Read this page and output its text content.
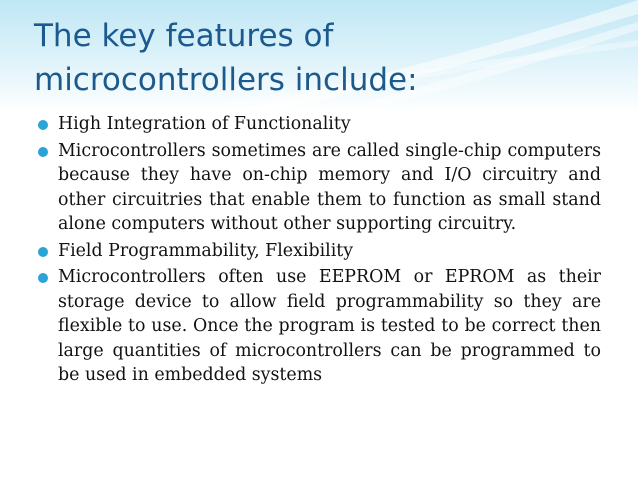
The key features of
microcontrollers include:
High Integration of Functionality
Microcontrollers sometimes are called single-chip computers because they have on-chip memory and I/O circuitry and other circuitries that enable them to function as small stand alone computers without other supporting circuitry.
Field Programmability, Flexibility
Microcontrollers often use EEPROM or EPROM as their storage device to allow field programmability so they are flexible to use. Once the program is tested to be correct then large quantities of microcontrollers can be programmed to be used in embedded systems
